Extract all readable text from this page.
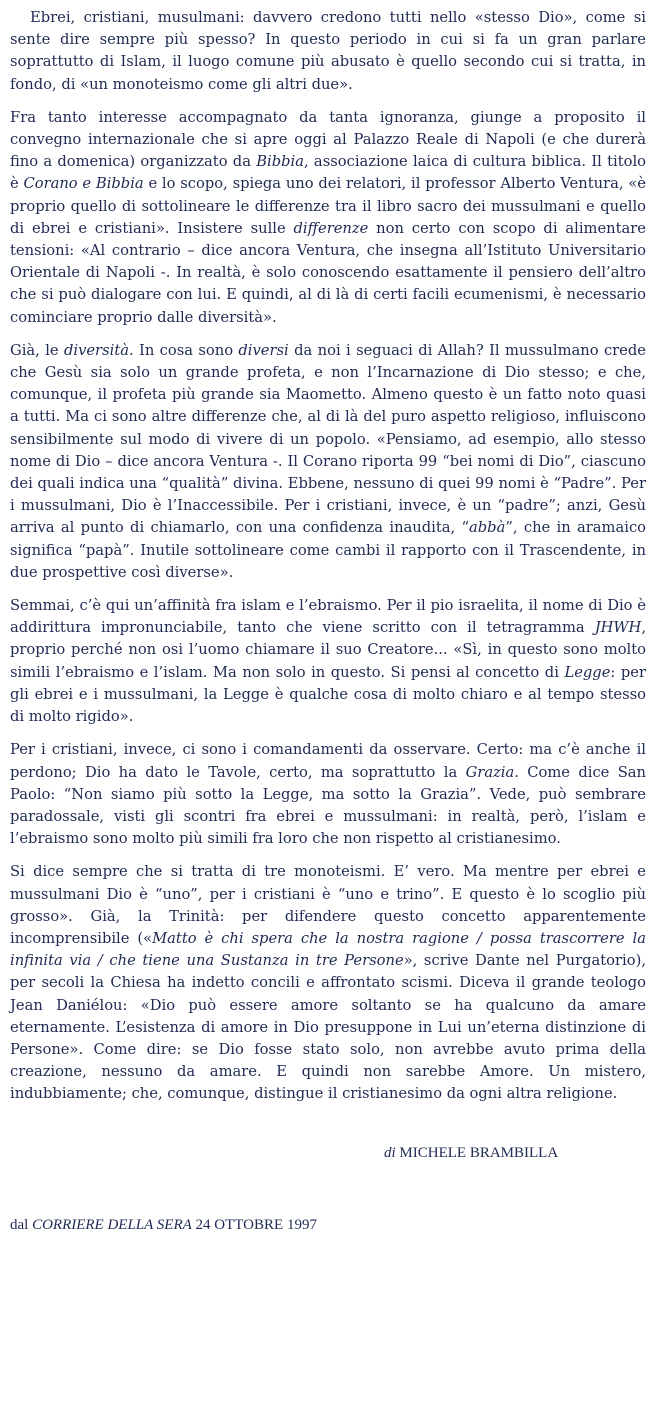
Ebrei, cristiani, musulmani: davvero credono tutti nello «stesso Dio», come si sente dire sempre più spesso? In questo periodo in cui si fa un gran parlare soprattutto di Islam, il luogo comune più abusato è quello secondo cui si tratta, in fondo, di «un monoteismo come gli altri due».

Fra tanto interesse accompagnato da tanta ignoranza, giunge a proposito il convegno internazionale che si apre oggi al Palazzo Reale di Napoli (e che durerà fino a domenica) organizzato da Bibbia, associazione laica di cultura biblica. Il titolo è Corano e Bibbia e lo scopo, spiega uno dei relatori, il professor Alberto Ventura, «è proprio quello di sottolineare le differenze tra il libro sacro dei mussulmani e quello di ebrei e cristiani». Insistere sulle differenze non certo con scopo di alimentare tensioni: «Al contrario – dice ancora Ventura, che insegna all’Istituto Universitario Orientale di Napoli -. In realtà, è solo conoscendo esattamente il pensiero dell’altro che si può dialogare con lui. E quindi, al di là di certi facili ecumenismi, è necessario cominciare proprio dalle diversità».

Già, le diversità. In cosa sono diversi da noi i seguaci di Allah? Il mussulmano crede che Gesù sia solo un grande profeta, e non l’Incarnazione di Dio stesso; e che, comunque, il profeta più grande sia Maometto. Almeno questo è un fatto noto quasi a tutti. Ma ci sono altre differenze che, al di là del puro aspetto religioso, influiscono sensibilmente sul modo di vivere di un popolo. «Pensiamo, ad esempio, allo stesso nome di Dio – dice ancora Ventura -. Il Corano riporta 99 “bei nomi di Dio”, ciascuno dei quali indica una “qualità” divina. Ebbene, nessuno di quei 99 nomi è “Padre”. Per i mussulmani, Dio è l’Inaccessibile. Per i cristiani, invece, è un “padre”; anzi, Gesù arriva al punto di chiamarlo, con una confidenza inaudita, “abbà”, che in aramaico significa “papà”. Inutile sottolineare come cambi il rapporto con il Trascendente, in due prospettive così diverse».

Semmai, c’è qui un’affinità fra islam e l’ebraismo. Per il pio israelita, il nome di Dio è addirittura impronunciabile, tanto che viene scritto con il tetragramma JHWH, proprio perché non osi l’uomo chiamare il suo Creatore... «Sì, in questo sono molto simili l’ebraismo e l’islam. Ma non solo in questo. Si pensi al concetto di Legge: per gli ebrei e i mussulmani, la Legge è qualche cosa di molto chiaro e al tempo stesso di molto rigido».

Per i cristiani, invece, ci sono i comandamenti da osservare. Certo: ma c’è anche il perdono; Dio ha dato le Tavole, certo, ma soprattutto la Grazia. Come dice San Paolo: “Non siamo più sotto la Legge, ma sotto la Grazia”. Vede, può sembrare paradossale, visti gli scontri fra ebrei e mussulmani: in realtà, però, l’islam e l’ebraismo sono molto più simili fra loro che non rispetto al cristianesimo.

Si dice sempre che si tratta di tre monoteismi. E’ vero. Ma mentre per ebrei e mussulmani Dio è “uno”, per i cristiani è “uno e trino”. E questo è lo scoglio più grosso». Già, la Trinità: per difendere questo concetto apparentemente incomprensibile («Matto è chi spera che la nostra ragione / possa trascorrere la infinita via / che tiene una Sustanza in tre Persone», scrive Dante nel Purgatorio), per secoli la Chiesa ha indetto concili e affrontato scismi. Diceva il grande teologo Jean Daniélou: «Dio può essere amore soltanto se ha qualcuno da amare eternamente. L’esistenza di amore in Dio presuppone in Lui un’eterna distinzione di Persone». Come dire: se Dio fosse stato solo, non avrebbe avuto prima della creazione, nessuno da amare. E quindi non sarebbe Amore. Un mistero, indubbiamente; che, comunque, distingue il cristianesimo da ogni altra religione.

di MICHELE BRAMBILLA

dal CORRIERE DELLA SERA 24 OTTOBRE 1997
